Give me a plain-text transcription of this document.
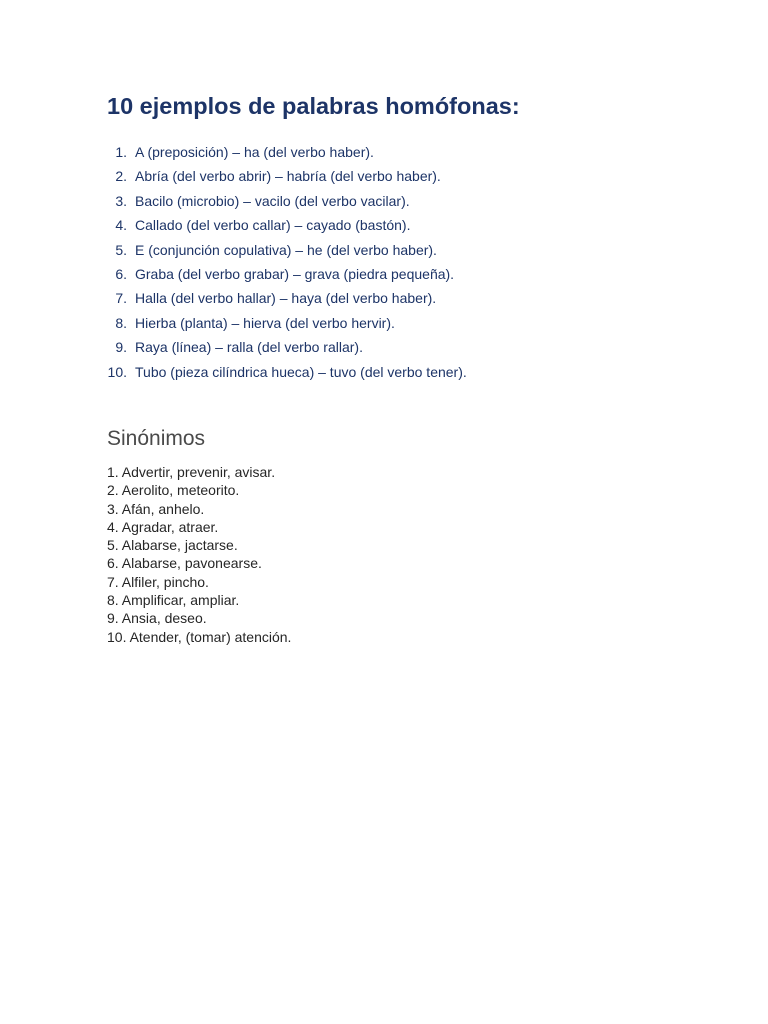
10 ejemplos de palabras homófonas:
1. A (preposición) – ha (del verbo haber).
2. Abría (del verbo abrir) – habría (del verbo haber).
3. Bacilo (microbio) – vacilo (del verbo vacilar).
4. Callado (del verbo callar) – cayado (bastón).
5. E (conjunción copulativa) – he (del verbo haber).
6. Graba (del verbo grabar) – grava (piedra pequeña).
7. Halla (del verbo hallar) – haya (del verbo haber).
8. Hierba (planta) – hierva (del verbo hervir).
9. Raya (línea) – ralla (del verbo rallar).
10. Tubo (pieza cilíndrica hueca) – tuvo (del verbo tener).
Sinónimos
1. Advertir, prevenir, avisar.
2. Aerolito, meteorito.
3. Afán, anhelo.
4. Agradar, atraer.
5. Alabarse, jactarse.
6. Alabarse, pavonearse.
7. Alfiler, pincho.
8. Amplificar, ampliar.
9. Ansia, deseo.
10. Atender, (tomar) atención.
